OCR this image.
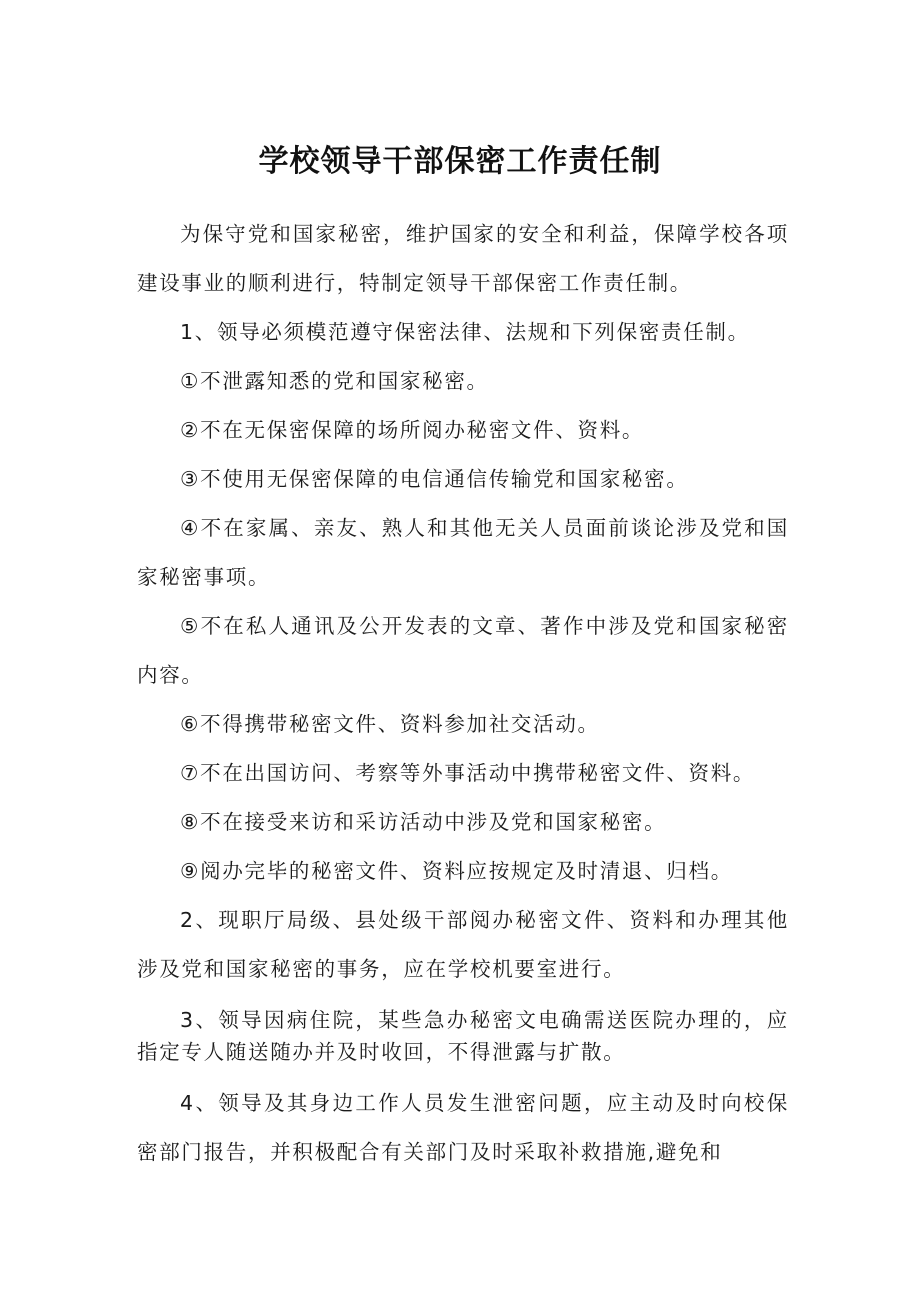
学校领导干部保密工作责任制

为保守党和国家秘密，维护国家的安全和利益，保障学校各项建设事业的顺利进行，特制定领导干部保密工作责任制。

1、领导必须模范遵守保密法律、法规和下列保密责任制。

①不泄露知悉的党和国家秘密。

②不在无保密保障的场所阅办秘密文件、资料。

③不使用无保密保障的电信通信传输党和国家秘密。

④不在家属、亲友、熟人和其他无关人员面前谈论涉及党和国家秘密事项。

⑤不在私人通讯及公开发表的文章、著作中涉及党和国家秘密内容。

⑥不得携带秘密文件、资料参加社交活动。

⑦不在出国访问、考察等外事活动中携带秘密文件、资料。

⑧不在接受来访和采访活动中涉及党和国家秘密。

⑨阅办完毕的秘密文件、资料应按规定及时清退、归档。

2、现职厅局级、县处级干部阅办秘密文件、资料和办理其他涉及党和国家秘密的事务，应在学校机要室进行。

3、领导因病住院，某些急办秘密文电确需送医院办理的，应指定专人随送随办并及时收回，不得泄露与扩散。

4、领导及其身边工作人员发生泄密问题，应主动及时向校保密部门报告，并积极配合有关部门及时采取补救措施,避免和
